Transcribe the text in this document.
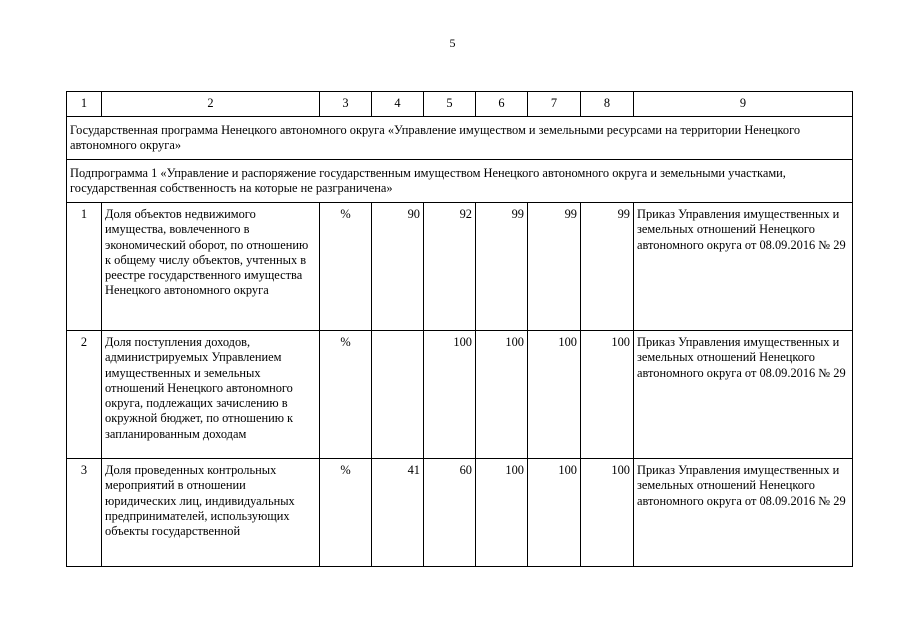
5
1	2	3	4	5	6	7	8	9
Государственная программа Ненецкого автономного округа «Управление имуществом и земельными ресурсами на территории Ненецкого автономного округа»								
Подпрограмма 1 «Управление и распоряжение государственным имуществом Ненецкого автономного округа и земельными участками, государственная собственность на которые не разграничена»								
1	Доля объектов недвижимого имущества, вовлеченного в экономический оборот, по отношению к общему числу объектов, учтенных в реестре государственного имущества Ненецкого автономного округа	%	90	92	99	99	99	Приказ Управления имущественных и земельных отношений Ненецкого автономного округа от 08.09.2016 № 29
2	Доля поступления доходов, администрируемых Управлением имущественных и земельных отношений Ненецкого автономного округа, подлежащих зачислению в окружной бюджет, по отношению к запланированным доходам	%		100	100	100	100	Приказ Управления имущественных и земельных отношений Ненецкого автономного округа от 08.09.2016 № 29
3	Доля проведенных контрольных мероприятий в отношении юридических лиц, индивидуальных предпринимателей, использующих объекты государственной	%	41	60	100	100	100	Приказ Управления имущественных и земельных отношений Ненецкого автономного округа от 08.09.2016 № 29
